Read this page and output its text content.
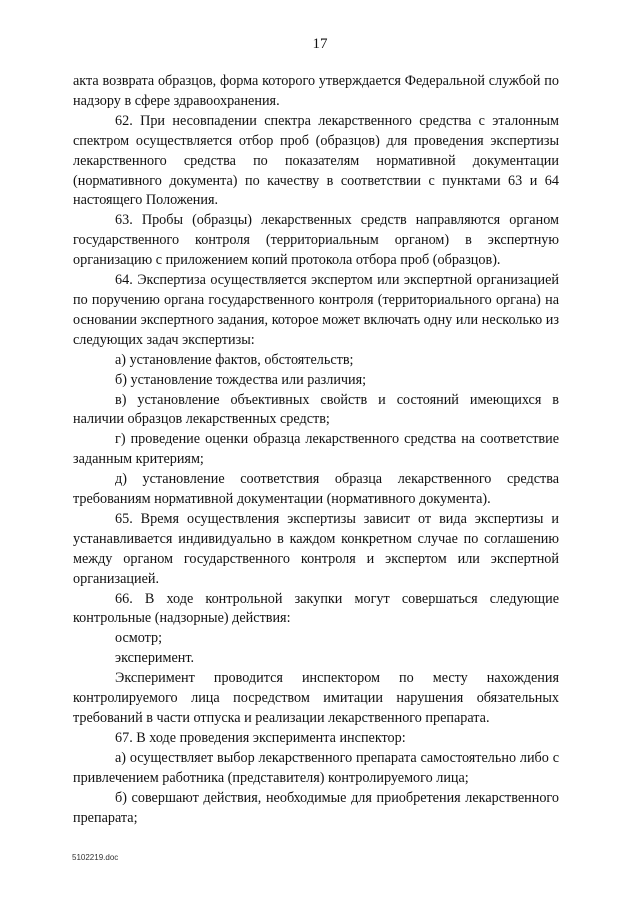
17

акта возврата образцов, форма которого утверждается Федеральной службой по надзору в сфере здравоохранения.

62. При несовпадении спектра лекарственного средства с эталонным спектром осуществляется отбор проб (образцов) для проведения экспертизы лекарственного средства по показателям нормативной документации (нормативного документа) по качеству в соответствии с пунктами 63 и 64 настоящего Положения.

63. Пробы (образцы) лекарственных средств направляются органом государственного контроля (территориальным органом) в экспертную организацию с приложением копий протокола отбора проб (образцов).

64. Экспертиза осуществляется экспертом или экспертной организацией по поручению органа государственного контроля (территориального органа) на основании экспертного задания, которое может включать одну или несколько из следующих задач экспертизы:

а) установление фактов, обстоятельств;

б) установление тождества или различия;

в) установление объективных свойств и состояний имеющихся в наличии образцов лекарственных средств;

г) проведение оценки образца лекарственного средства на соответствие заданным критериям;

д) установление соответствия образца лекарственного средства требованиям нормативной документации (нормативного документа).

65. Время осуществления экспертизы зависит от вида экспертизы и устанавливается индивидуально в каждом конкретном случае по соглашению между органом государственного контроля и экспертом или экспертной организацией.

66. В ходе контрольной закупки могут совершаться следующие контрольные (надзорные) действия:

осмотр;

эксперимент.

Эксперимент проводится инспектором по месту нахождения контролируемого лица посредством имитации нарушения обязательных требований в части отпуска и реализации лекарственного препарата.

67. В ходе проведения эксперимента инспектор:

а) осуществляет выбор лекарственного препарата самостоятельно либо с привлечением работника (представителя) контролируемого лица;

б) совершают действия, необходимые для приобретения лекарственного препарата;

5102219.doc
